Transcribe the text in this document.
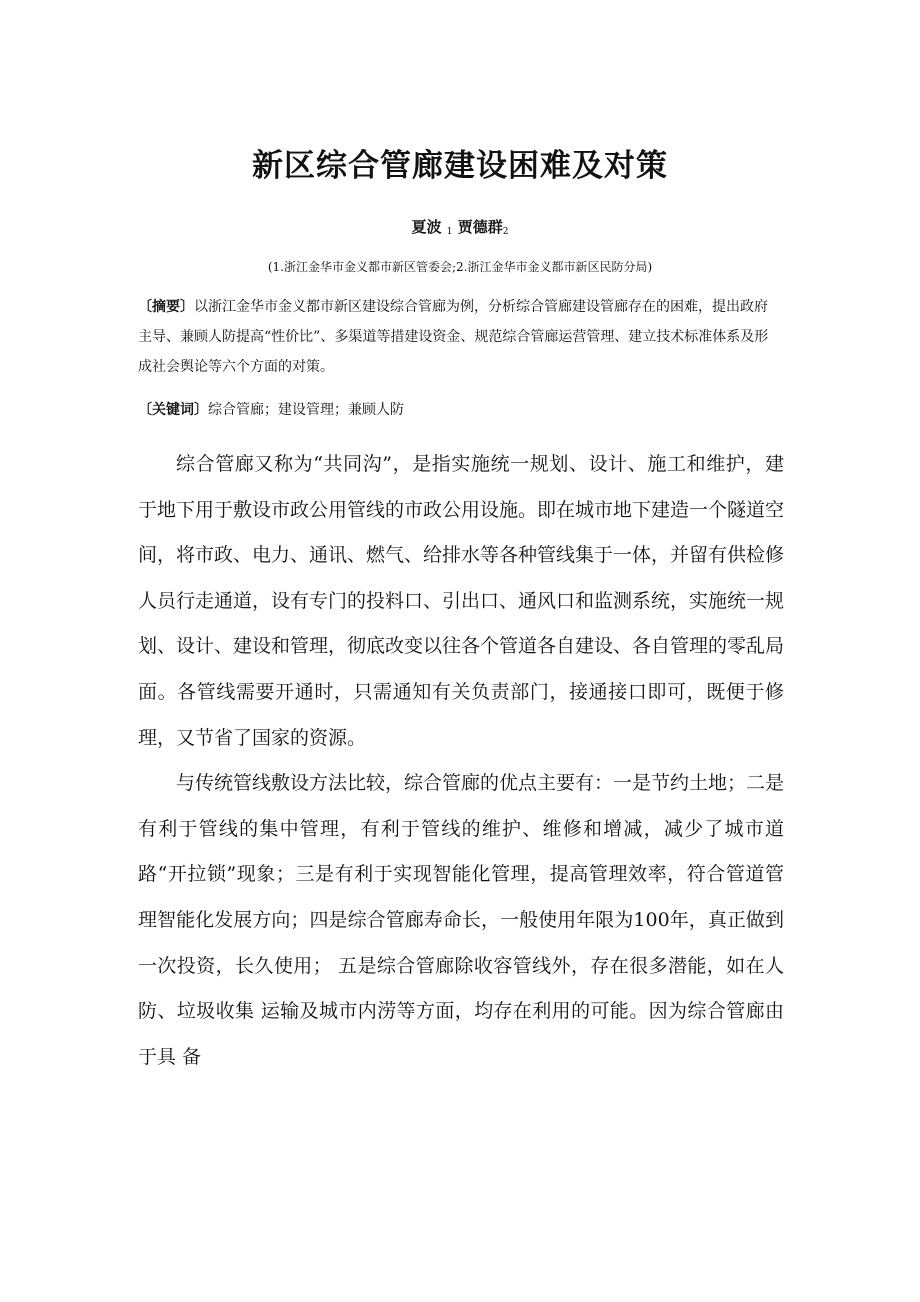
新区综合管廊建设困难及对策
夏波 $_1$ 贾德群$_2$
(1.浙江金华市金义都市新区管委会;2.浙江金华市金义都市新区民防分局)

〔摘要〕以浙江金华市金义都市新区建设综合管廊为例，分析综合管廊建设管廊存在的困难，提出政府主导、兼顾人防提高“性价比”、多渠道等措建设资金、规范综合管廊运营管理、建立技术标准体系及形成社会舆论等六个方面的对策。

〔关键词〕综合管廊；建设管理；兼顾人防

综合管廊又称为“共同沟”，是指实施统一规划、设计、施工和维护，建于地下用于敷设市政公用管线的市政公用设施。即在城市地下建造一个隧道空间，将市政、电力、通讯、燃气、给排水等各种管线集于一体，并留有供检修人员行走通道，设有专门的投料口、引出口、通风口和监测系统，实施统一规划、设计、建设和管理，彻底改变以往各个管道各自建设、各自管理的零乱局面。各管线需要开通时，只需通知有关负责部门，接通接口即可，既便于修理，又节省了国家的资源。

与传统管线敷设方法比较，综合管廊的优点主要有：一是节约土地；二是有利于管线的集中管理，有利于管线的维护、维修和增减，减少了城市道路“开拉锁”现象；三是有利于实现智能化管理，提高管理效率，符合管道管理智能化发展方向；四是综合管廊寿命长，一般使用年限为100年，真正做到一次投资，长久使用； 五是综合管廊除收容管线外，存在很多潜能，如在人防、垃圾收集 运输及城市内涝等方面，均存在利用的可能。因为综合管廊由于具 备
